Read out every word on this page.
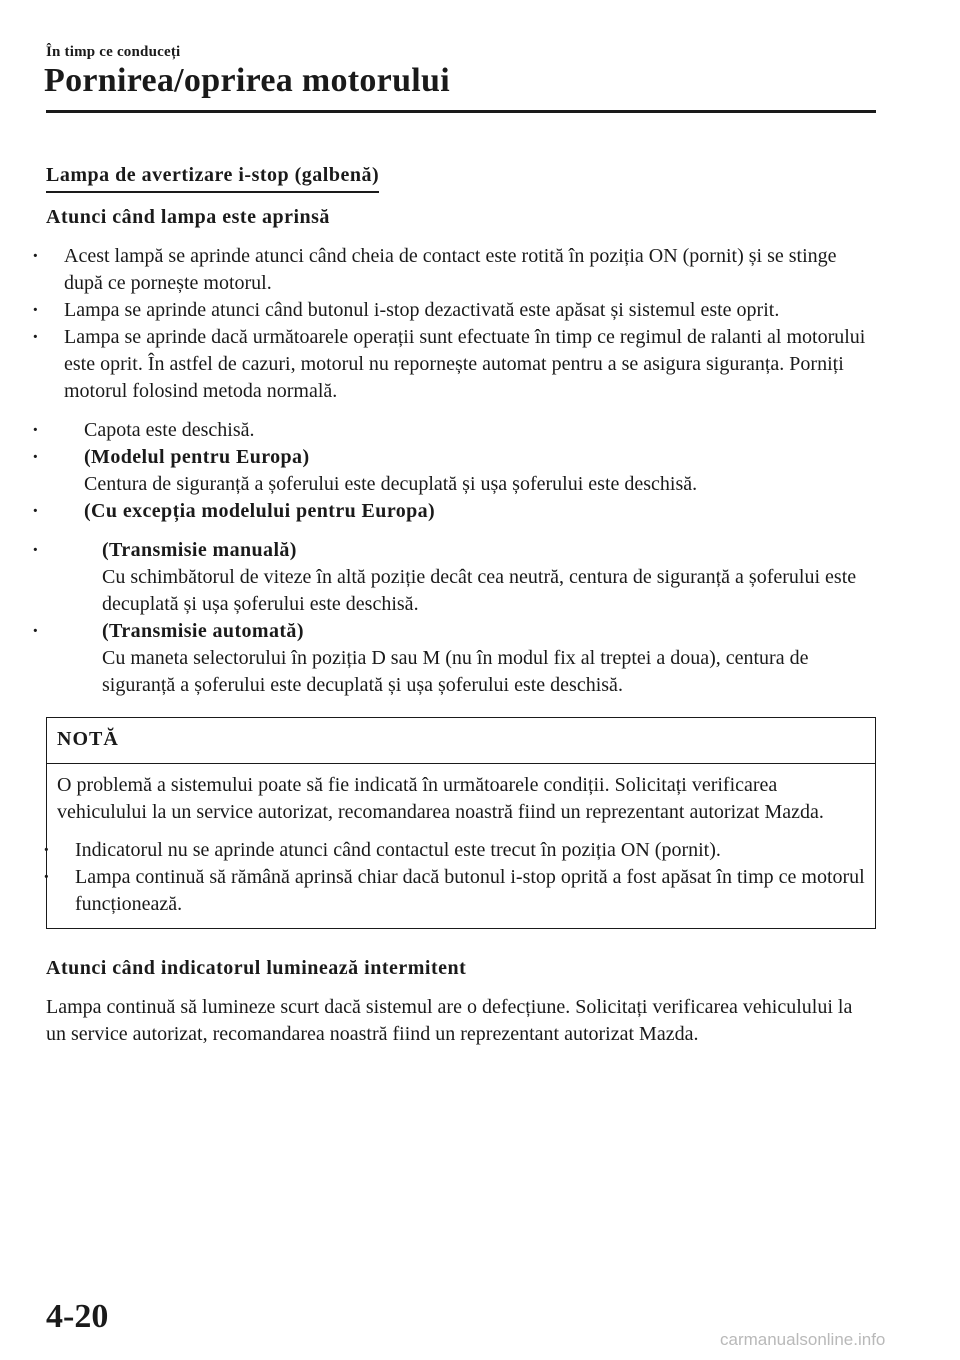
În timp ce conduceți
Pornirea/oprirea motorului
Lampa de avertizare i-stop (galbenă)

Atunci când lampa este aprinsă

· Acest lampă se aprinde atunci când cheia de contact este rotită în poziția ON (pornit) și se stinge după ce pornește motorul.

· Lampa se aprinde atunci când butonul i-stop dezactivată este apăsat și sistemul este oprit.

· Lampa se aprinde dacă următoarele operații sunt efectuate în timp ce regimul de ralanti al motorului este oprit. În astfel de cazuri, motorul nu repornește automat pentru a se asigura siguranța. Porniți motorul folosind metoda normală.

· Capota este deschisă.

· (Modelul pentru Europa)
Centura de siguranță a șoferului este decuplată și ușa șoferului este deschisă.

· (Cu excepția modelului pentru Europa)

· (Transmisie manuală)
Cu schimbătorul de viteze în altă poziție decât cea neutră, centura de siguranță a șoferului este decuplată și ușa șoferului este deschisă.
· (Transmisie automată)
Cu maneta selectorului în poziția D sau M (nu în modul fix al treptei a doua), centura de siguranță a șoferului este decuplată și ușa șoferului este deschisă.
NOTĂ

O problemă a sistemului poate să fie indicată în următoarele condiții. Solicitați verificarea vehiculului la un service autorizat, recomandarea noastră fiind un reprezentant autorizat Mazda.

· Indicatorul nu se aprinde atunci când contactul este trecut în poziția ON (pornit).

· Lampa continuă să rămână aprinsă chiar dacă butonul i-stop oprită a fost apăsat în timp ce motorul funcționează.

Atunci când indicatorul luminează intermitent

Lampa continuă să lumineze scurt dacă sistemul are o defecțiune. Solicitați verificarea vehiculului la un service autorizat, recomandarea noastră fiind un reprezentant autorizat Mazda.

4-20
carmanualsonline.info
